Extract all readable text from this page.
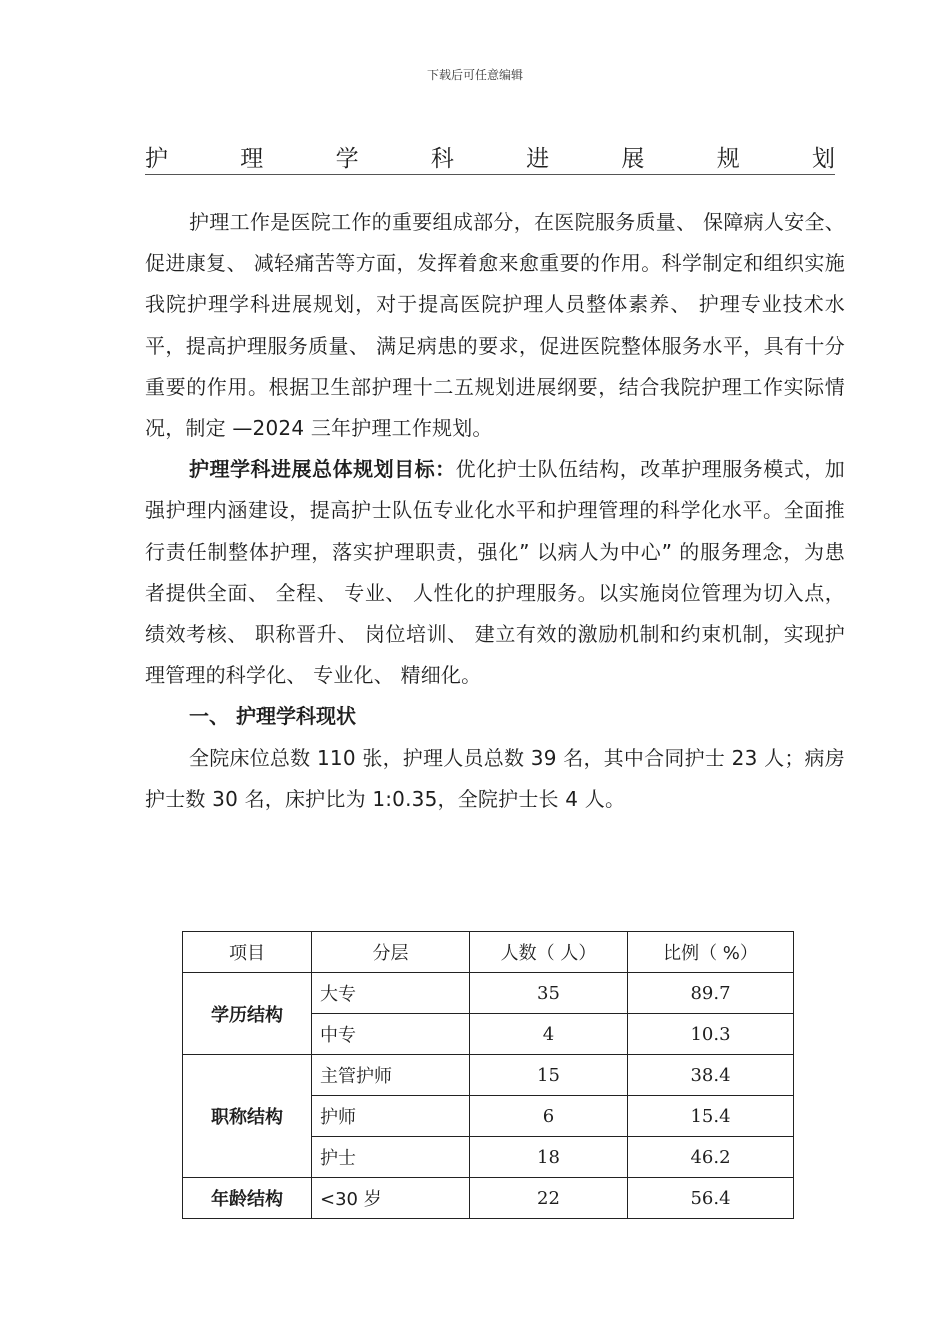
下载后可任意编辑
护	理	学	科	进	展	规	划

护理工作是医院工作的重要组成部分，在医院服务质量、 保障病人安全、 促进康复、 减轻痛苦等方面，发挥着愈来愈重要的作用。科学制定和组织实施我院护理学科进展规划，对于提高医院护理人员整体素养、 护理专业技术水平，提高护理服务质量、 满足病患的要求，促进医院整体服务水平，具有十分重要的作用。根据卫生部护理十二五规划进展纲要，结合我院护理工作实际情况，制定 —2024 三年护理工作规划。

护理学科进展总体规划目标：优化护士队伍结构，改革护理服务模式，加强护理内涵建设，提高护士队伍专业化水平和护理管理的科学化水平。全面推行责任制整体护理，落实护理职责，强化” 以病人为中心” 的服务理念，为患者提供全面、 全程、 专业、 人性化的护理服务。以实施岗位管理为切入点，绩效考核、 职称晋升、 岗位培训、 建立有效的激励机制和约束机制，实现护理管理的科学化、 专业化、 精细化。

一、 护理学科现状

全院床位总数 110 张，护理人员总数 39 名，其中合同护士 23 人；病房护士数 30 名，床护比为 1:0.35，全院护士长 4 人。

项目	分层	人数（ 人）	比例（ %）
学历结构	大专	35	89.7
	中专	4	10.3
职称结构	主管护师	15	38.4
	护师	6	15.4
	护士	18	46.2
年龄结构	<30 岁	22	56.4
